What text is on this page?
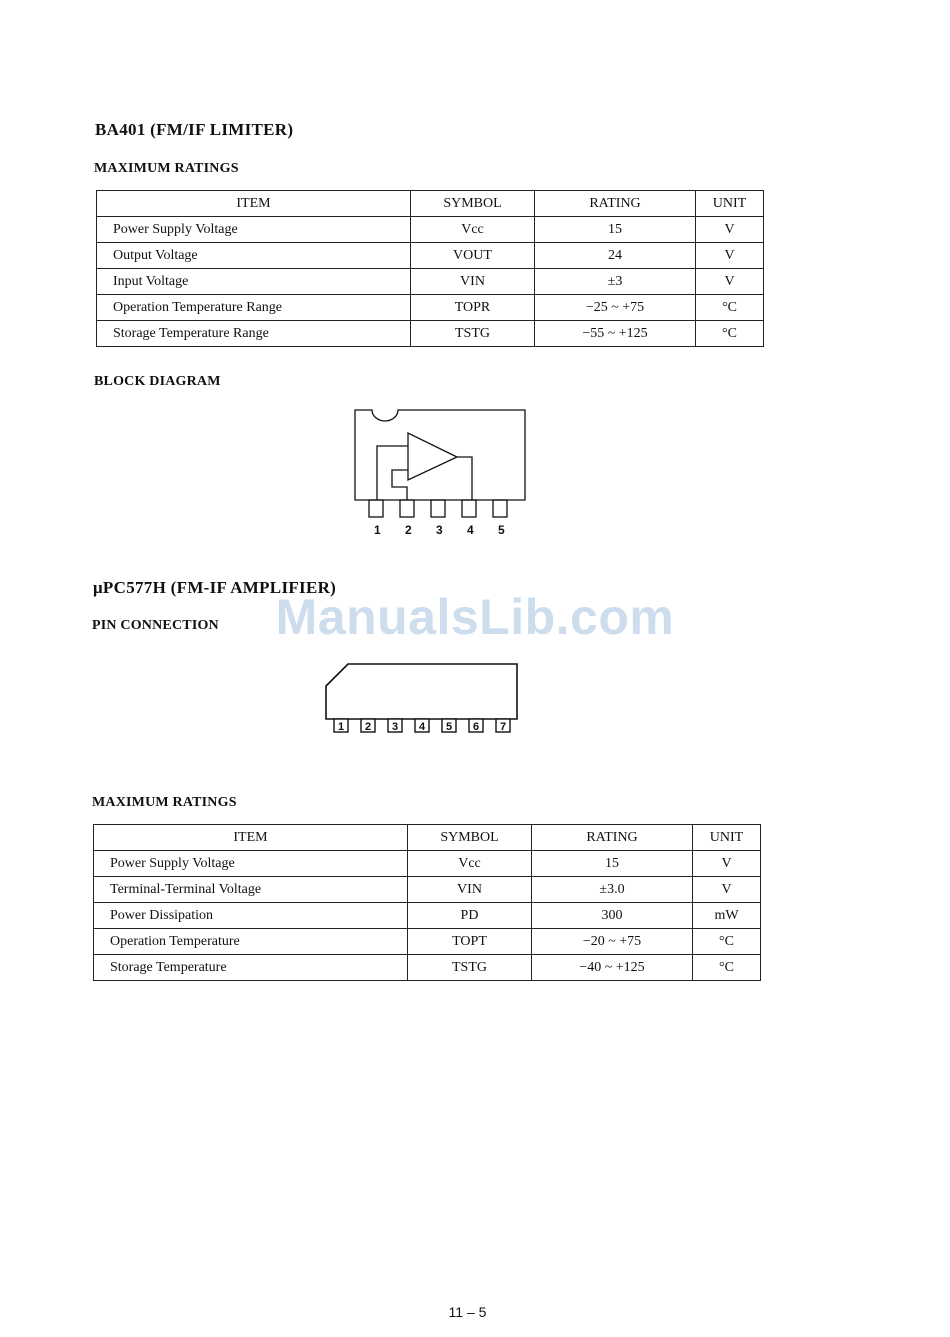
BA401 (FM/IF LIMITER)
MAXIMUM RATINGS
ITEM	SYMBOL	RATING	UNIT
Power Supply Voltage	Vcc	15	V
Output Voltage	VOUT	24	V
Input Voltage	VIN	±3	V
Operation Temperature Range	TOPR	−25 ~ +75	°C
Storage Temperature Range	TSTG	−55 ~ +125	°C
BLOCK DIAGRAM
1 2 3 4 5
μPC577H (FM-IF AMPLIFIER)
PIN CONNECTION	ManualsLib.com
1 2 3 4 5 6 7
MAXIMUM RATINGS
ITEM	SYMBOL	RATING	UNIT
Power Supply Voltage	Vcc	15	V
Terminal-Terminal Voltage	VIN	±3.0	V
Power Dissipation	PD	300	mW
Operation Temperature	TOPT	−20 ~ +75	°C
Storage Temperature	TSTG	−40 ~ +125	°C
11 – 5
